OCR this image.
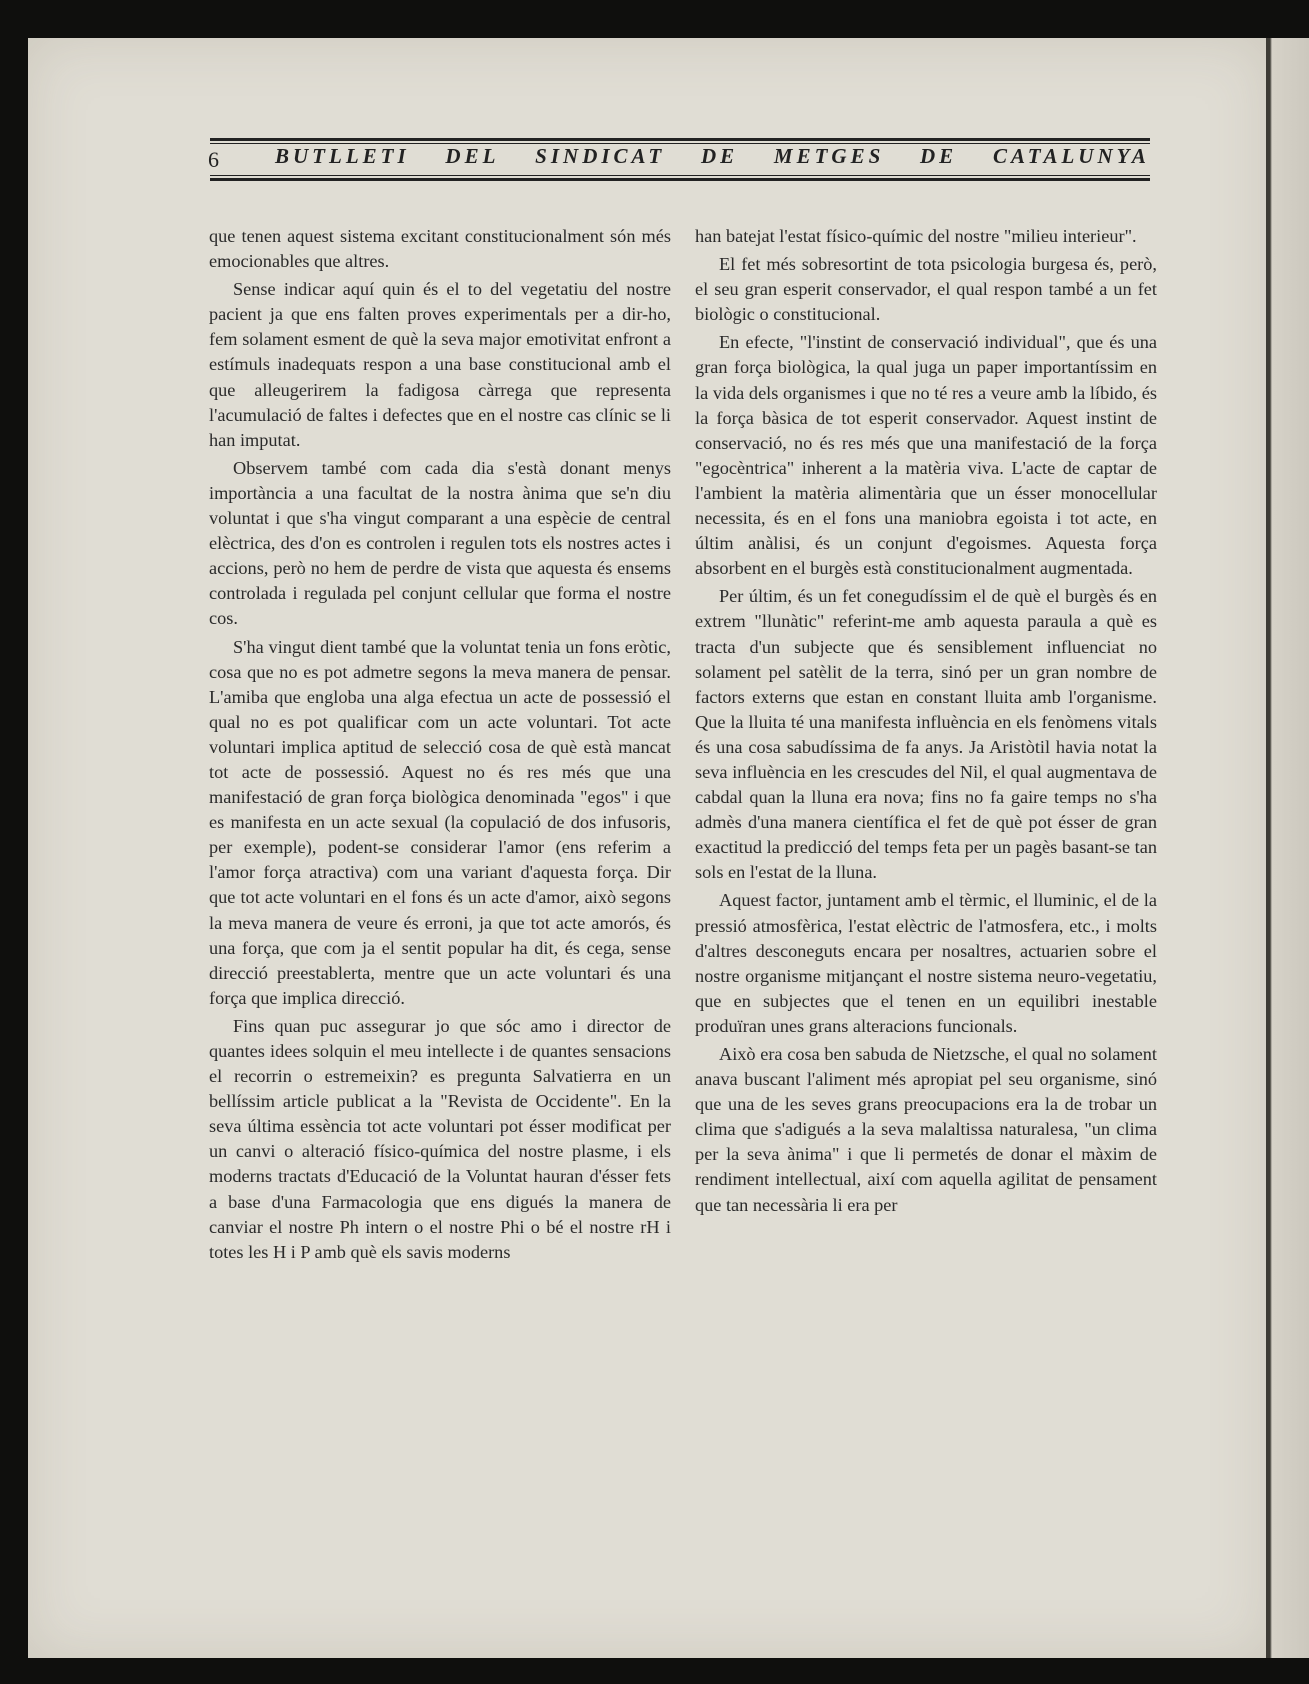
6	BUTLLETI DEL SINDICAT DE METGES DE CATALUNYA

que tenen aquest sistema excitant constitucionalment són més emocionables que altres.

Sense indicar aquí quin és el to del vegetatiu del nostre pacient ja que ens falten proves experimentals per a dir-ho, fem solament esment de què la seva major emotivitat enfront a estímuls inadequats respon a una base constitucional amb el que alleugerirem la fadigosa càrrega que representa l'acumulació de faltes i defectes que en el nostre cas clínic se li han imputat.

Observem també com cada dia s'està donant menys importància a una facultat de la nostra ànima que se'n diu voluntat i que s'ha vingut comparant a una espècie de central elèctrica, des d'on es controlen i regulen tots els nostres actes i accions, però no hem de perdre de vista que aquesta és ensems controlada i regulada pel conjunt cellular que forma el nostre cos.

S'ha vingut dient també que la voluntat tenia un fons eròtic, cosa que no es pot admetre segons la meva manera de pensar. L'amiba que engloba una alga efectua un acte de possessió el qual no es pot qualificar com un acte voluntari. Tot acte voluntari implica aptitud de selecció cosa de què està mancat tot acte de possessió. Aquest no és res més que una manifestació de gran força biològica denominada "egos" i que es manifesta en un acte sexual (la copulació de dos infusoris, per exemple), podent-se considerar l'amor (ens referim a l'amor força atractiva) com una variant d'aquesta força. Dir que tot acte voluntari en el fons és un acte d'amor, això segons la meva manera de veure és erroni, ja que tot acte amorós, és una força, que com ja el sentit popular ha dit, és cega, sense direcció preestablerta, mentre que un acte voluntari és una força que implica direcció.

Fins quan puc assegurar jo que sóc amo i director de quantes idees solquin el meu intellecte i de quantes sensacions el recorrin o estremeixin? es pregunta Salvatierra en un bellíssim article publicat a la "Revista de Occidente". En la seva última essència tot acte voluntari pot ésser modificat per un canvi o alteració físico-química del nostre plasme, i els moderns tractats d'Educació de la Voluntat hauran d'ésser fets a base d'una Farmacologia que ens digués la manera de canviar el nostre Ph intern o el nostre Phi o bé el nostre rH i totes les H i P amb què els savis moderns

han batejat l'estat físico-químic del nostre "milieu interieur".

El fet més sobresortint de tota psicologia burgesa és, però, el seu gran esperit conservador, el qual respon també a un fet biològic o constitucional.

En efecte, "l'instint de conservació individual", que és una gran força biològica, la qual juga un paper importantíssim en la vida dels organismes i que no té res a veure amb la líbido, és la força bàsica de tot esperit conservador. Aquest instint de conservació, no és res més que una manifestació de la força "egocèntrica" inherent a la matèria viva. L'acte de captar de l'ambient la matèria alimentària que un ésser monocellular necessita, és en el fons una maniobra egoista i tot acte, en últim anàlisi, és un conjunt d'egoismes. Aquesta força absorbent en el burgès està constitucionalment augmentada.

Per últim, és un fet conegudíssim el de què el burgès és en extrem "llunàtic" referint-me amb aquesta paraula a què es tracta d'un subjecte que és sensiblement influenciat no solament pel satèlit de la terra, sinó per un gran nombre de factors externs que estan en constant lluita amb l'organisme. Que la lluita té una manifesta influència en els fenòmens vitals és una cosa sabudíssima de fa anys. Ja Aristòtil havia notat la seva influència en les crescudes del Nil, el qual augmentava de cabdal quan la lluna era nova; fins no fa gaire temps no s'ha admès d'una manera científica el fet de què pot ésser de gran exactitud la predicció del temps feta per un pagès basant-se tan sols en l'estat de la lluna.

Aquest factor, juntament amb el tèrmic, el lluminic, el de la pressió atmosfèrica, l'estat elèctric de l'atmosfera, etc., i molts d'altres desconeguts encara per nosaltres, actuarien sobre el nostre organisme mitjançant el nostre sistema neuro-vegetatiu, que en subjectes que el tenen en un equilibri inestable produïran unes grans alteracions funcionals.

Això era cosa ben sabuda de Nietzsche, el qual no solament anava buscant l'aliment més apropiat pel seu organisme, sinó que una de les seves grans preocupacions era la de trobar un clima que s'adigués a la seva malaltissa naturalesa, "un clima per la seva ànima" i que li permetés de donar el màxim de rendiment intellectual, així com aquella agilitat de pensament que tan necessària li era per
